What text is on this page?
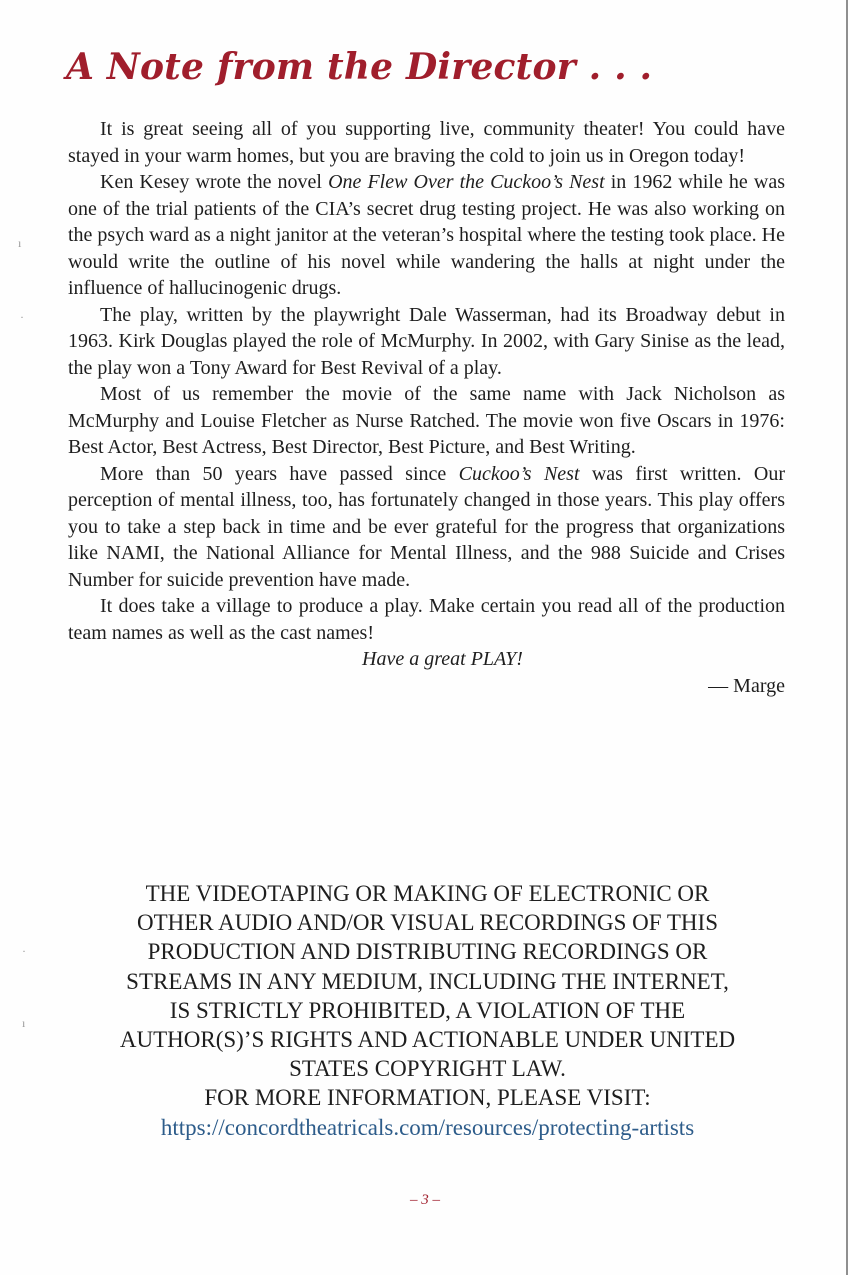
A Note from the Director . . .

It is great seeing all of you supporting live, community theater! You could have stayed in your warm homes, but you are braving the cold to join us in Oregon today!

Ken Kesey wrote the novel One Flew Over the Cuckoo’s Nest in 1962 while he was one of the trial patients of the CIA’s secret drug testing project. He was also working on the psych ward as a night janitor at the veteran’s hospital where the testing took place. He would write the outline of his novel while wandering the halls at night under the influence of hallucinogenic drugs.

The play, written by the playwright Dale Wasserman, had its Broadway debut in 1963. Kirk Douglas played the role of McMurphy. In 2002, with Gary Sinise as the lead, the play won a Tony Award for Best Revival of a play.

Most of us remember the movie of the same name with Jack Nicholson as McMurphy and Louise Fletcher as Nurse Ratched. The movie won five Oscars in 1976: Best Actor, Best Actress, Best Director, Best Picture, and Best Writing.

More than 50 years have passed since Cuckoo’s Nest was first written. Our perception of mental illness, too, has fortunately changed in those years. This play offers you to take a step back in time and be ever grateful for the progress that organizations like NAMI, the National Alliance for Mental Illness, and the 988 Suicide and Crises Number for suicide prevention have made.

It does take a village to produce a play. Make certain you read all of the production team names as well as the cast names!

Have a great PLAY!

— Marge

THE VIDEOTAPING OR MAKING OF ELECTRONIC OR
OTHER AUDIO AND/OR VISUAL RECORDINGS OF THIS
PRODUCTION AND DISTRIBUTING RECORDINGS OR
STREAMS IN ANY MEDIUM, INCLUDING THE INTERNET,
IS STRICTLY PROHIBITED, A VIOLATION OF THE
AUTHOR(S)’S RIGHTS AND ACTIONABLE UNDER UNITED
STATES COPYRIGHT LAW.
FOR MORE INFORMATION, PLEASE VISIT:
https://concordtheatricals.com/resources/protecting-artists
– 3 –
ı
·
·
ı
